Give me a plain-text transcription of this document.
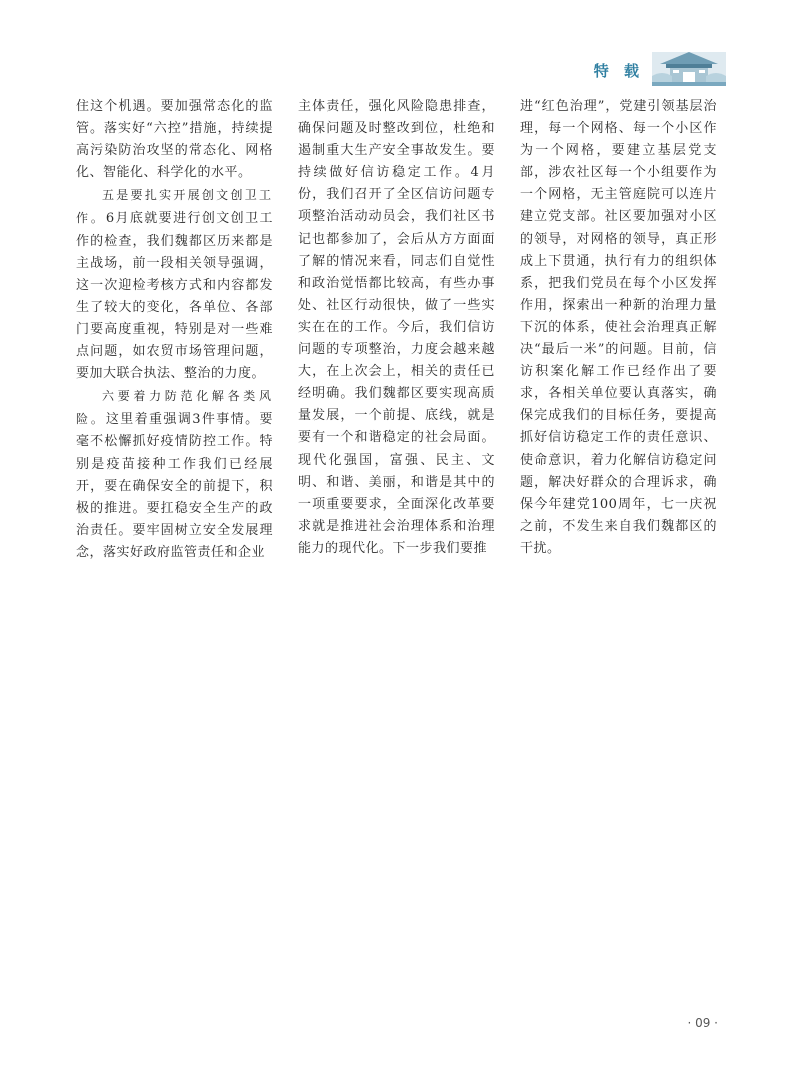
特 载

住这个机遇。要加强常态化的监管。落实好“六控”措施，持续提高污染防治攻坚的常态化、网格化、智能化、科学化的水平。

五是要扎实开展创文创卫工作。6月底就要进行创文创卫工作的检查，我们魏都区历来都是主战场，前一段相关领导强调，这一次迎检考核方式和内容都发生了较大的变化，各单位、各部门要高度重视，特别是对一些难点问题，如农贸市场管理问题，要加大联合执法、整治的力度。

六要着力防范化解各类风险。这里着重强调3件事情。要毫不松懈抓好疫情防控工作。特别是疫苗接种工作我们已经展开，要在确保安全的前提下，积极的推进。要扛稳安全生产的政治责任。要牢固树立安全发展理念，落实好政府监管责任和企业

主体责任，强化风险隐患排查，确保问题及时整改到位，杜绝和遏制重大生产安全事故发生。要持续做好信访稳定工作。4月份，我们召开了全区信访问题专项整治活动动员会，我们社区书记也都参加了，会后从方方面面了解的情况来看，同志们自觉性和政治觉悟都比较高，有些办事处、社区行动很快，做了一些实实在在的工作。今后，我们信访问题的专项整治，力度会越来越大，在上次会上，相关的责任已经明确。我们魏都区要实现高质量发展，一个前提、底线，就是要有一个和谐稳定的社会局面。现代化强国，富强、民主、文明、和谐、美丽，和谐是其中的一项重要要求，全面深化改革要求就是推进社会治理体系和治理能力的现代化。下一步我们要推

进“红色治理”，党建引领基层治理，每一个网格、每一个小区作为一个网格，要建立基层党支部，涉农社区每一个小组要作为一个网格，无主管庭院可以连片建立党支部。社区要加强对小区的领导，对网格的领导，真正形成上下贯通，执行有力的组织体系，把我们党员在每个小区发挥作用，探索出一种新的治理力量下沉的体系，使社会治理真正解决“最后一米”的问题。目前，信访积案化解工作已经作出了要求，各相关单位要认真落实，确保完成我们的目标任务，要提高抓好信访稳定工作的责任意识、使命意识，着力化解信访稳定问题，解决好群众的合理诉求，确保今年建党100周年，七一庆祝之前，不发生来自我们魏都区的干扰。

· 09 ·
